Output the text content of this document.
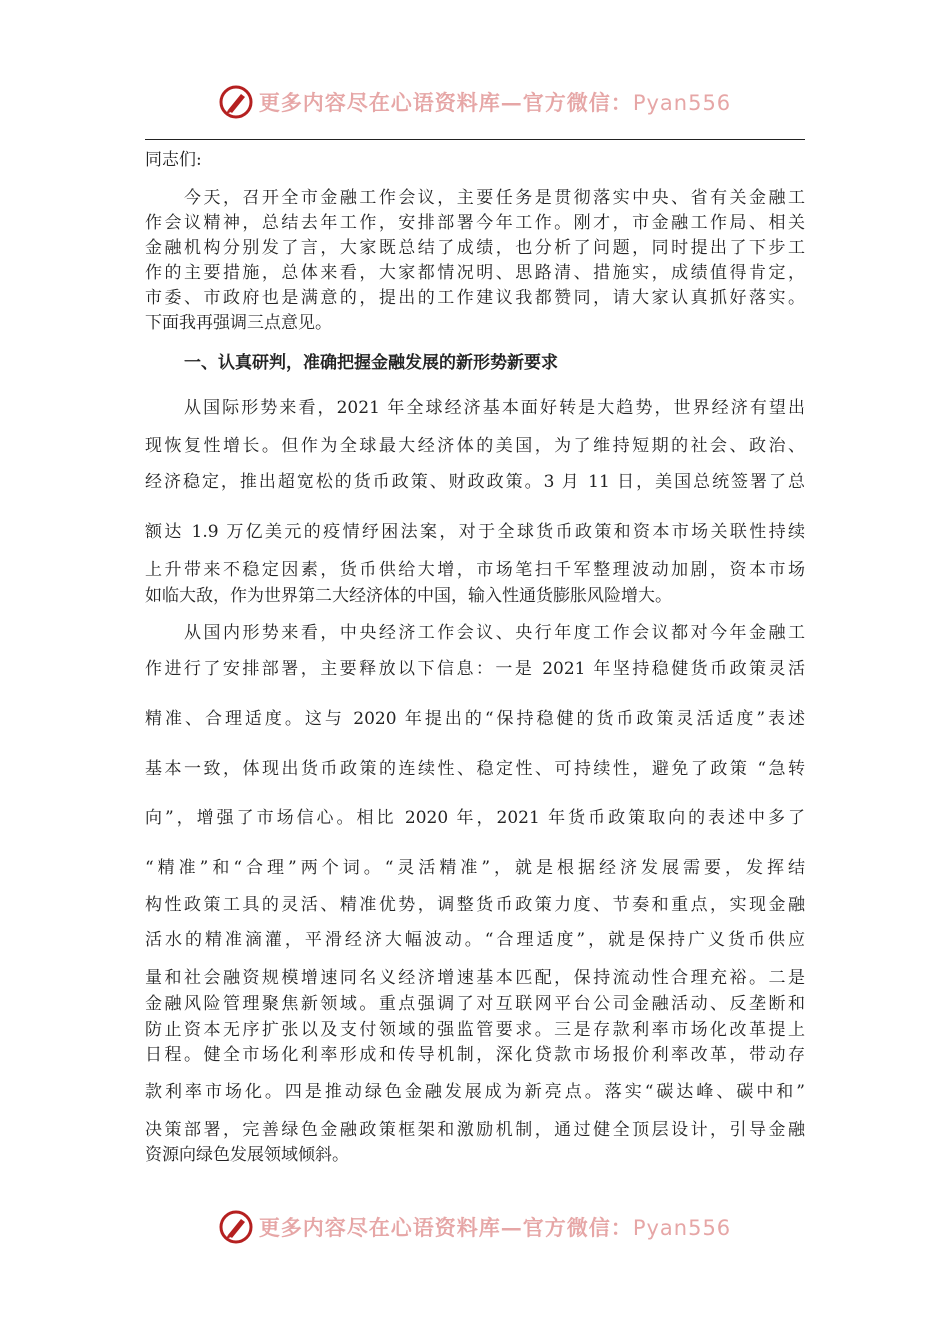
更多内容尽在心语资料库—官方微信：Pyan556
同志们:
今天，召开全市金融工作会议，主要任务是贯彻落实中央、省有关金融工
作会议精神，总结去年工作，安排部署今年工作。刚才，市金融工作局、相关
金融机构分别发了言，大家既总结了成绩，也分析了问题，同时提出了下步工
作的主要措施，总体来看，大家都情况明、思路清、措施实，成绩值得肯定，
市委、市政府也是满意的，提出的工作建议我都赞同，请大家认真抓好落实。
下面我再强调三点意见。
一、认真研判，准确把握金融发展的新形势新要求
从国际形势来看，2021 年全球经济基本面好转是大趋势，世界经济有望出
现恢复性增长。但作为全球最大经济体的美国，为了维持短期的社会、政治、
经济稳定，推出超宽松的货币政策、财政政策。3 月 11 日，美国总统签署了总
额达 1.9 万亿美元的疫情纾困法案，对于全球货币政策和资本市场关联性持续
上升带来不稳定因素，货币供给大增，市场笔扫千军整理波动加剧，资本市场
如临大敌，作为世界第二大经济体的中国，输入性通货膨胀风险增大。
从国内形势来看，中央经济工作会议、央行年度工作会议都对今年金融工
作进行了安排部署，主要释放以下信息：一是 2021 年坚持稳健货币政策灵活
精准、合理适度。这与 2020 年提出的“保持稳健的货币政策灵活适度”表述
基本一致，体现出货币政策的连续性、稳定性、可持续性，避免了政策 “急转
向”，增强了市场信心。相比 2020 年，2021 年货币政策取向的表述中多了
“精准”和“合理”两个词。“灵活精准”，就是根据经济发展需要，发挥结
构性政策工具的灵活、精准优势，调整货币政策力度、节奏和重点，实现金融
活水的精准滴灌，平滑经济大幅波动。“合理适度”，就是保持广义货币供应
量和社会融资规模增速同名义经济增速基本匹配，保持流动性合理充裕。二是
金融风险管理聚焦新领域。重点强调了对互联网平台公司金融活动、反垄断和
防止资本无序扩张以及支付领域的强监管要求。三是存款利率市场化改革提上
日程。健全市场化利率形成和传导机制，深化贷款市场报价利率改革，带动存
款利率市场化。四是推动绿色金融发展成为新亮点。落实“碳达峰、碳中和”
决策部署，完善绿色金融政策框架和激励机制，通过健全顶层设计，引导金融
资源向绿色发展领域倾斜。
更多内容尽在心语资料库—官方微信：Pyan556
